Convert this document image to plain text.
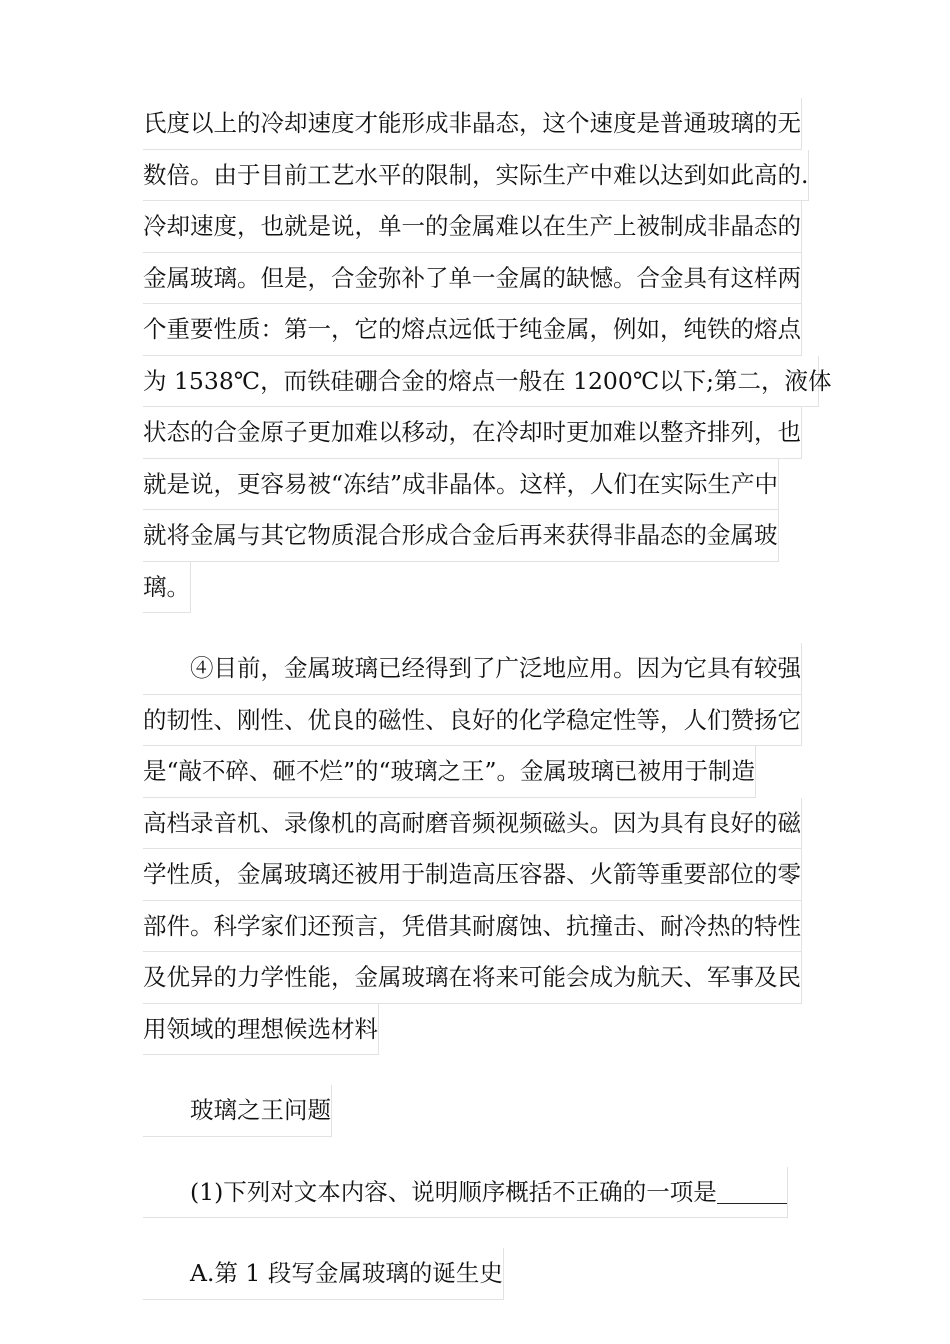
氏度以上的冷却速度才能形成非晶态，这个速度是普通玻璃的无
数倍。由于目前工艺水平的限制，实际生产中难以达到如此高的.
冷却速度，也就是说，单一的金属难以在生产上被制成非晶态的
金属玻璃。但是，合金弥补了单一金属的缺憾。合金具有这样两
个重要性质：第一，它的熔点远低于纯金属，例如，纯铁的熔点
为 1538℃，而铁硅硼合金的熔点一般在 1200℃以下;第二，液体
状态的合金原子更加难以移动，在冷却时更加难以整齐排列，也
就是说，更容易被“冻结”成非晶体。这样，人们在实际生产中
就将金属与其它物质混合形成合金后再来获得非晶态的金属玻
璃。
　　④目前，金属玻璃已经得到了广泛地应用。因为它具有较强
的韧性、刚性、优良的磁性、良好的化学稳定性等，人们赞扬它
是“敲不碎、砸不烂”的“玻璃之王”。金属玻璃已被用于制造
高档录音机、录像机的高耐磨音频视频磁头。因为具有良好的磁
学性质，金属玻璃还被用于制造高压容器、火箭等重要部位的零
部件。科学家们还预言，凭借其耐腐蚀、抗撞击、耐冷热的特性
及优异的力学性能，金属玻璃在将来可能会成为航天、军事及民
用领域的理想候选材料
　　玻璃之王问题
　　(1)下列对文本内容、说明顺序概括不正确的一项是
　　A.第 1 段写金属玻璃的诞生史
